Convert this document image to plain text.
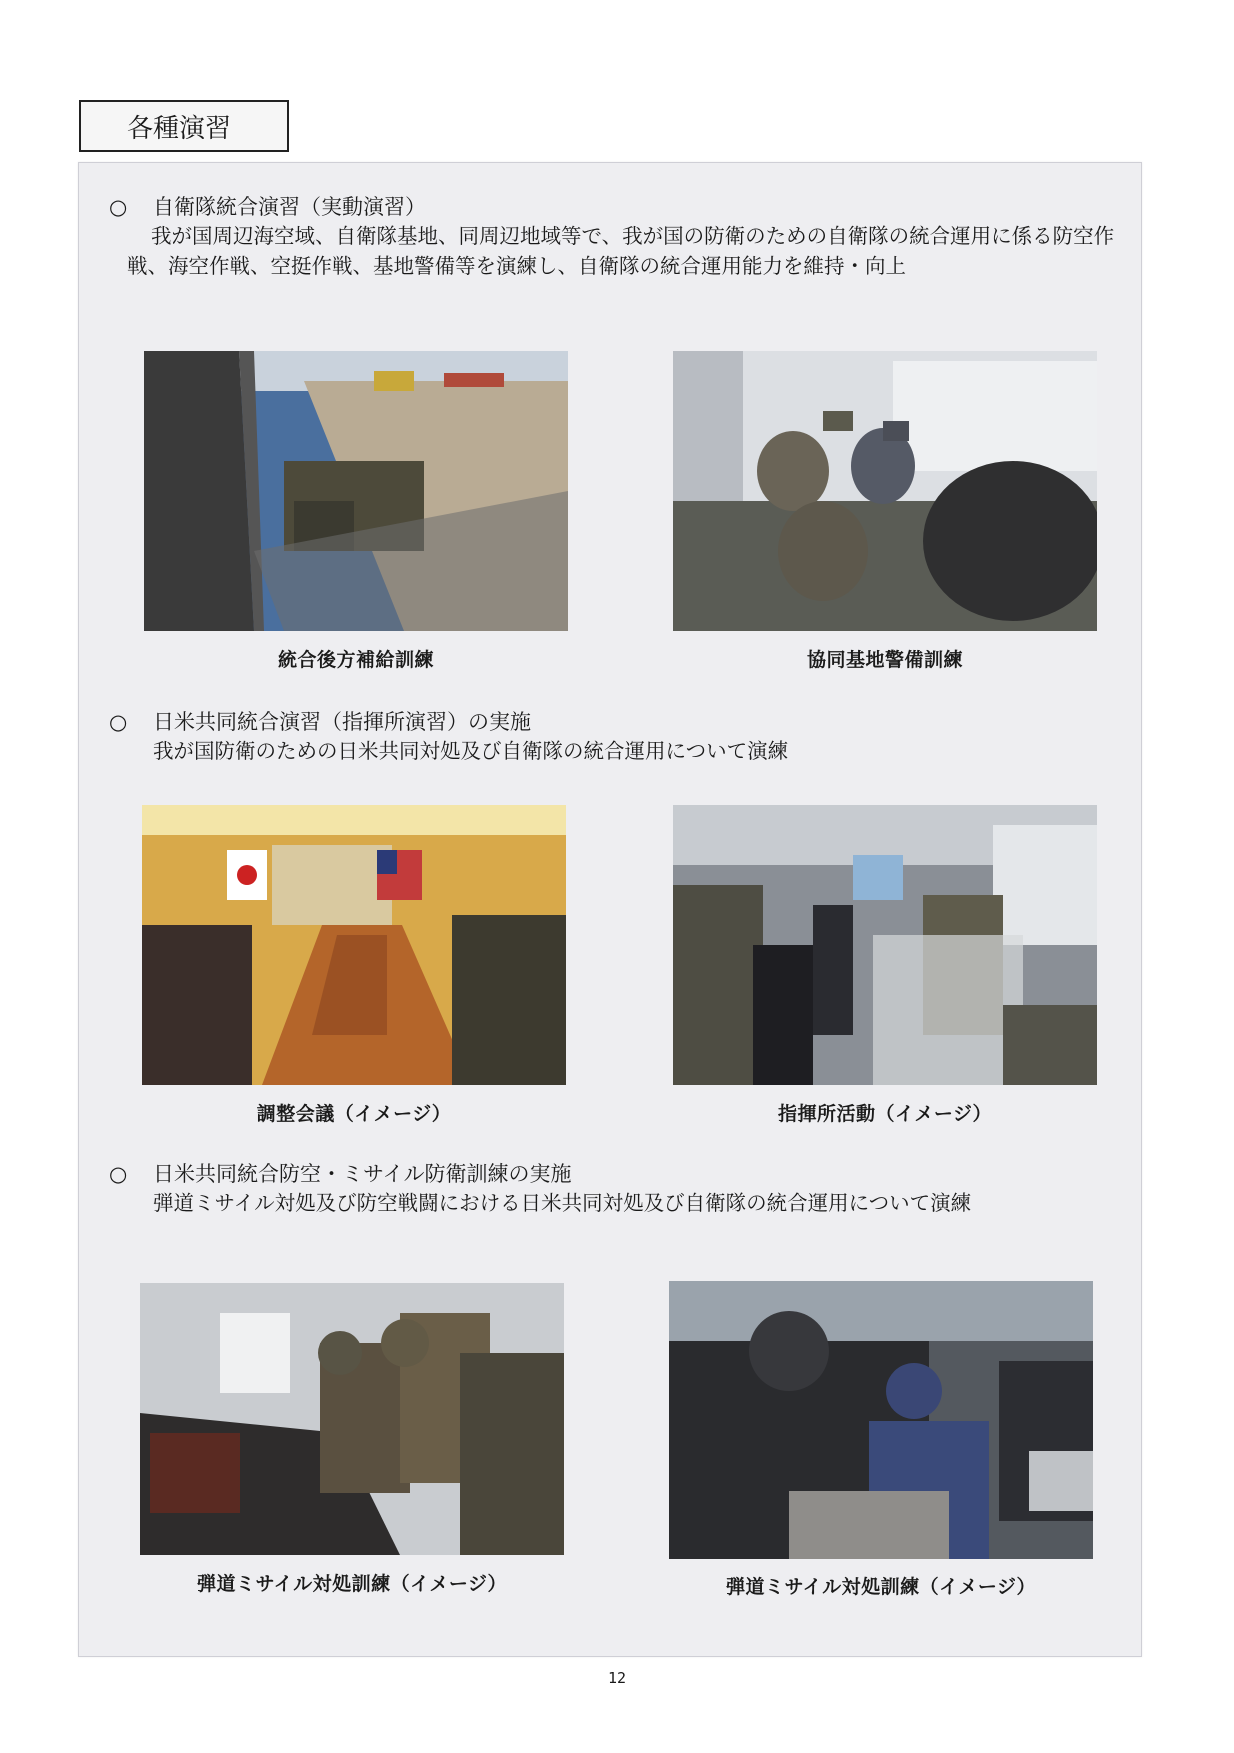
各種演習
○ 自衛隊統合演習（実動演習）
我が国周辺海空域、自衛隊基地、同周辺地域等で、我が国の防衛のための自衛隊の統合運用に係る防空作戦、海空作戦、空挺作戦、基地警備等を演練し、自衛隊の統合運用能力を維持・向上
統合後方補給訓練	協同基地警備訓練
○ 日米共同統合演習（指揮所演習）の実施
我が国防衛のための日米共同対処及び自衛隊の統合運用について演練
調整会議（イメージ）	指揮所活動（イメージ）
○ 日米共同統合防空・ミサイル防衛訓練の実施
弾道ミサイル対処及び防空戦闘における日米共同対処及び自衛隊の統合運用について演練
弾道ミサイル対処訓練（イメージ）	弾道ミサイル対処訓練（イメージ）
12
